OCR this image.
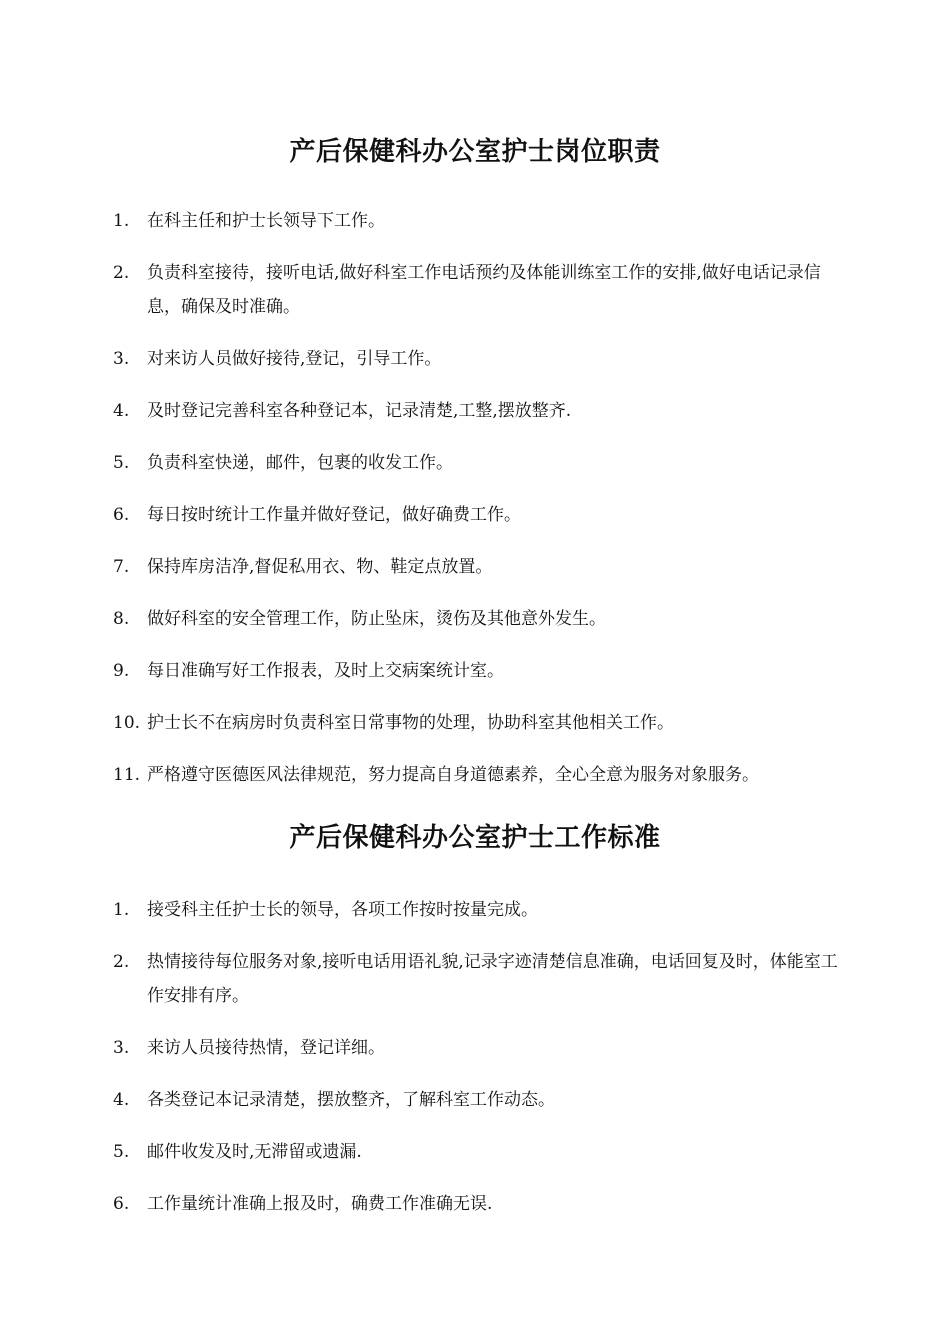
产后保健科办公室护士岗位职责
1.	在科主任和护士长领导下工作。
2.	负责科室接待，接听电话,做好科室工作电话预约及体能训练室工作的安排,做好电话记录信息，确保及时准确。
3.	对来访人员做好接待,登记，引导工作。
4.	及时登记完善科室各种登记本，记录清楚,工整,摆放整齐.
5.	负责科室快递，邮件，包裹的收发工作。
6.	每日按时统计工作量并做好登记，做好确费工作。
7.	保持库房洁净,督促私用衣、物、鞋定点放置。
8.	做好科室的安全管理工作，防止坠床，烫伤及其他意外发生。
9.	每日准确写好工作报表，及时上交病案统计室。
10. 护士长不在病房时负责科室日常事物的处理，协助科室其他相关工作。
11. 严格遵守医德医风法律规范，努力提高自身道德素养，全心全意为服务对象服务。
产后保健科办公室护士工作标准
1.	接受科主任护士长的领导，各项工作按时按量完成。
2.	热情接待每位服务对象,接听电话用语礼貌,记录字迹清楚信息准确，电话回复及时，体能室工作安排有序。
3.	来访人员接待热情，登记详细。
4.	各类登记本记录清楚，摆放整齐，了解科室工作动态。
5.	邮件收发及时,无滞留或遗漏.
6.	工作量统计准确上报及时，确费工作准确无误.
